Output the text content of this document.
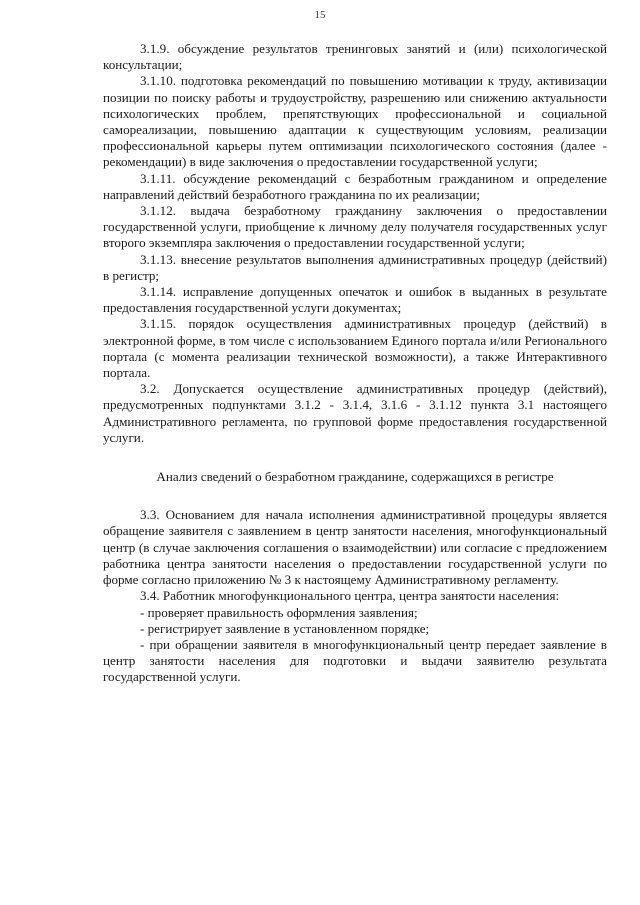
15

3.1.9. обсуждение результатов тренинговых занятий и (или) психологической консультации;

3.1.10. подготовка рекомендаций по повышению мотивации к труду, активизации позиции по поиску работы и трудоустройству, разрешению или снижению актуальности психологических проблем, препятствующих профессиональной и социальной самореализации, повышению адаптации к существующим условиям, реализации профессиональной карьеры путем оптимизации психологического состояния (далее - рекомендации) в виде заключения о предоставлении государственной услуги;

3.1.11. обсуждение рекомендаций с безработным гражданином и определение направлений действий безработного гражданина по их реализации;

3.1.12. выдача безработному гражданину заключения о предоставлении государственной услуги, приобщение к личному делу получателя государственных услуг второго экземпляра заключения о предоставлении государственной услуги;

3.1.13. внесение результатов выполнения административных процедур (действий) в регистр;

3.1.14. исправление допущенных опечаток и ошибок в выданных в результате предоставления государственной услуги документах;

3.1.15. порядок осуществления административных процедур (действий) в электронной форме, в том числе с использованием Единого портала и/или Регионального портала (с момента реализации технической возможности), а также Интерактивного портала.

3.2. Допускается осуществление административных процедур (действий), предусмотренных подпунктами 3.1.2 - 3.1.4, 3.1.6 - 3.1.12 пункта 3.1 настоящего Административного регламента, по групповой форме предоставления государственной услуги.

Анализ сведений о безработном гражданине, содержащихся в регистре

3.3. Основанием для начала исполнения административной процедуры является обращение заявителя с заявлением в центр занятости населения, многофункциональный центр (в случае заключения соглашения о взаимодействии) или согласие с предложением работника центра занятости населения о предоставлении государственной услуги по форме согласно приложению № 3 к настоящему Административному регламенту.

3.4. Работник многофункционального центра, центра занятости населения:

- проверяет правильность оформления заявления;

- регистрирует заявление в установленном порядке;

- при обращении заявителя в многофункциональный центр передает заявление в центр занятости населения для подготовки и выдачи заявителю результата государственной услуги.
